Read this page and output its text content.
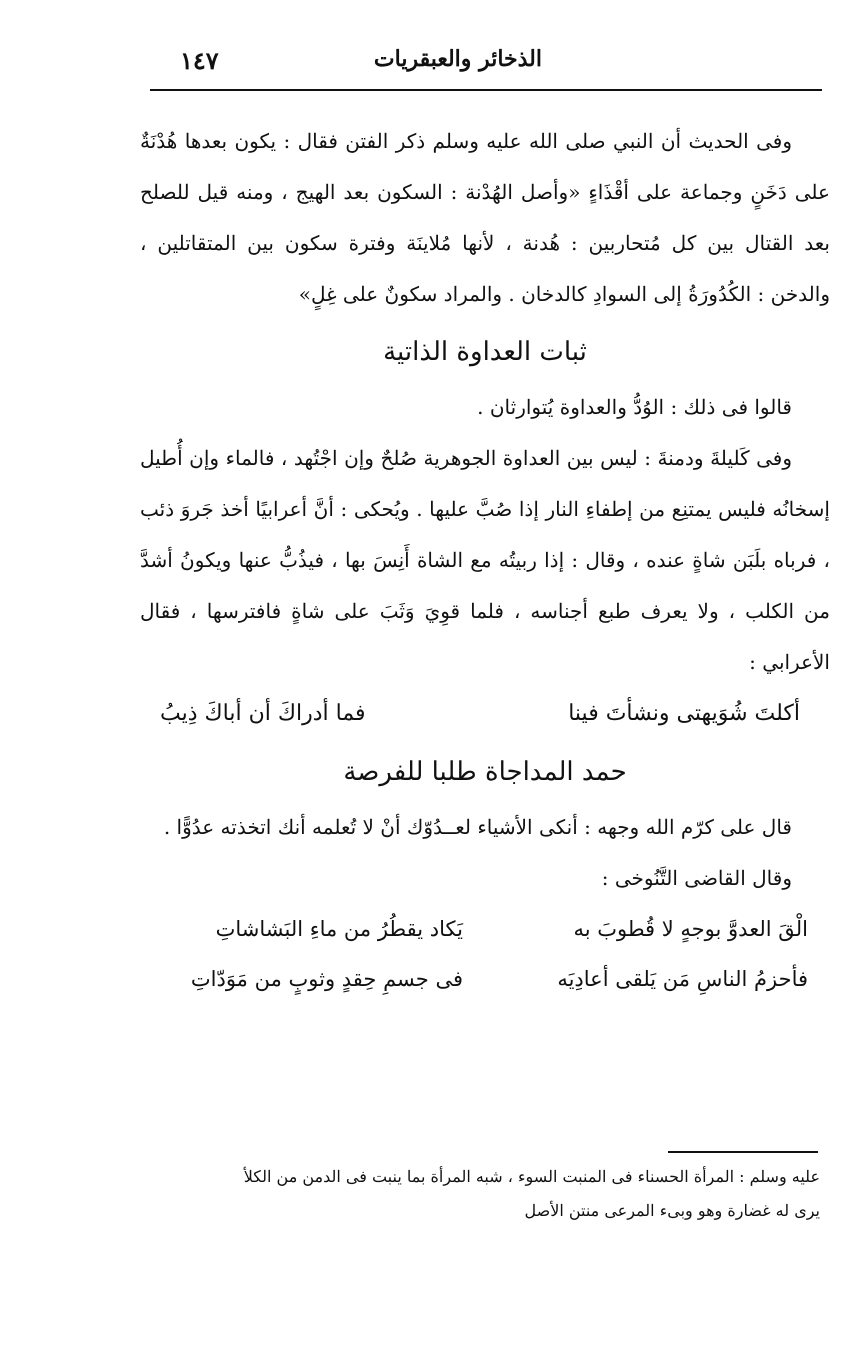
الذخائر والعبقريات
١٤٧

وفى الحديث أن النبي صلى الله عليه وسلم ذكر الفتن فقال : يكون بعدها هُدْنَةٌ على دَخَنٍ وجماعة على أقْذَاءٍ «وأصل الهُدْنة : السكون بعد الهيج ، ومنه قيل للصلح بعد القتال بين كل مُتحاربين : هُدنة ، لأنها مُلاينَة وفترة سكون بين المتقاتلين ، والدخن : الكُدُورَةُ إلى السوادِ كالدخان . والمراد سكونٌ على غِلٍ»

ثبات العداوة الذاتية

قالوا فى ذلك : الوُدُّ والعداوة يُتوارثان .

وفى كَليلةَ ودمنةَ : ليس بين العداوة الجوهرية صُلحٌ وإن اجْتُهد ، فالماء وإن أُطيل إسخانُه فليس يمتنِع من إطفاءِ النار إذا صُبَّ عليها . ويُحكى : أنَّ أعرابيًا أخذ جَروَ ذئب ، فرباه بلَبَن شاةٍ عنده ، وقال : إذا ربيتُه مع الشاة أَنِسَ بها ، فيذُبُّ عنها ويكونُ أشدَّ من الكلب ، ولا يعرف طبع أجناسه ، فلما قوِيَ وَثَبَ على شاةٍ فافترسها ، فقال الأعرابي :

أكلتَ شُوَيهتى ونشأتَ فينا
فما أدراكَ أن أباكَ ذِيبُ
حمد المداجاة طلبا للفرصة

قال على كرّم الله وجهه : أنكى الأشياء لعــدُوّك أنْ لا تُعلمه أنك اتخذته عدُوًّا .

وقال القاضى التَّنُوخى :

الْقَ العدوَّ بوجهٍ لا قُطوبَ به
يَكاد يقطُرُ من ماءِ البَشاشاتِ
فأحزمُ الناسِ مَن يَلقى أعادِيَه
فى جسمِ حِقدٍ وثوبٍ من مَوَدّاتِ
عليه وسلم : المرأة الحسناء فى المنبت السوء ، شبه المرأة بما ينبت فى الدمن من الكلأ
يرى له غضارة وهو وبىء المرعى منتن الأصل
